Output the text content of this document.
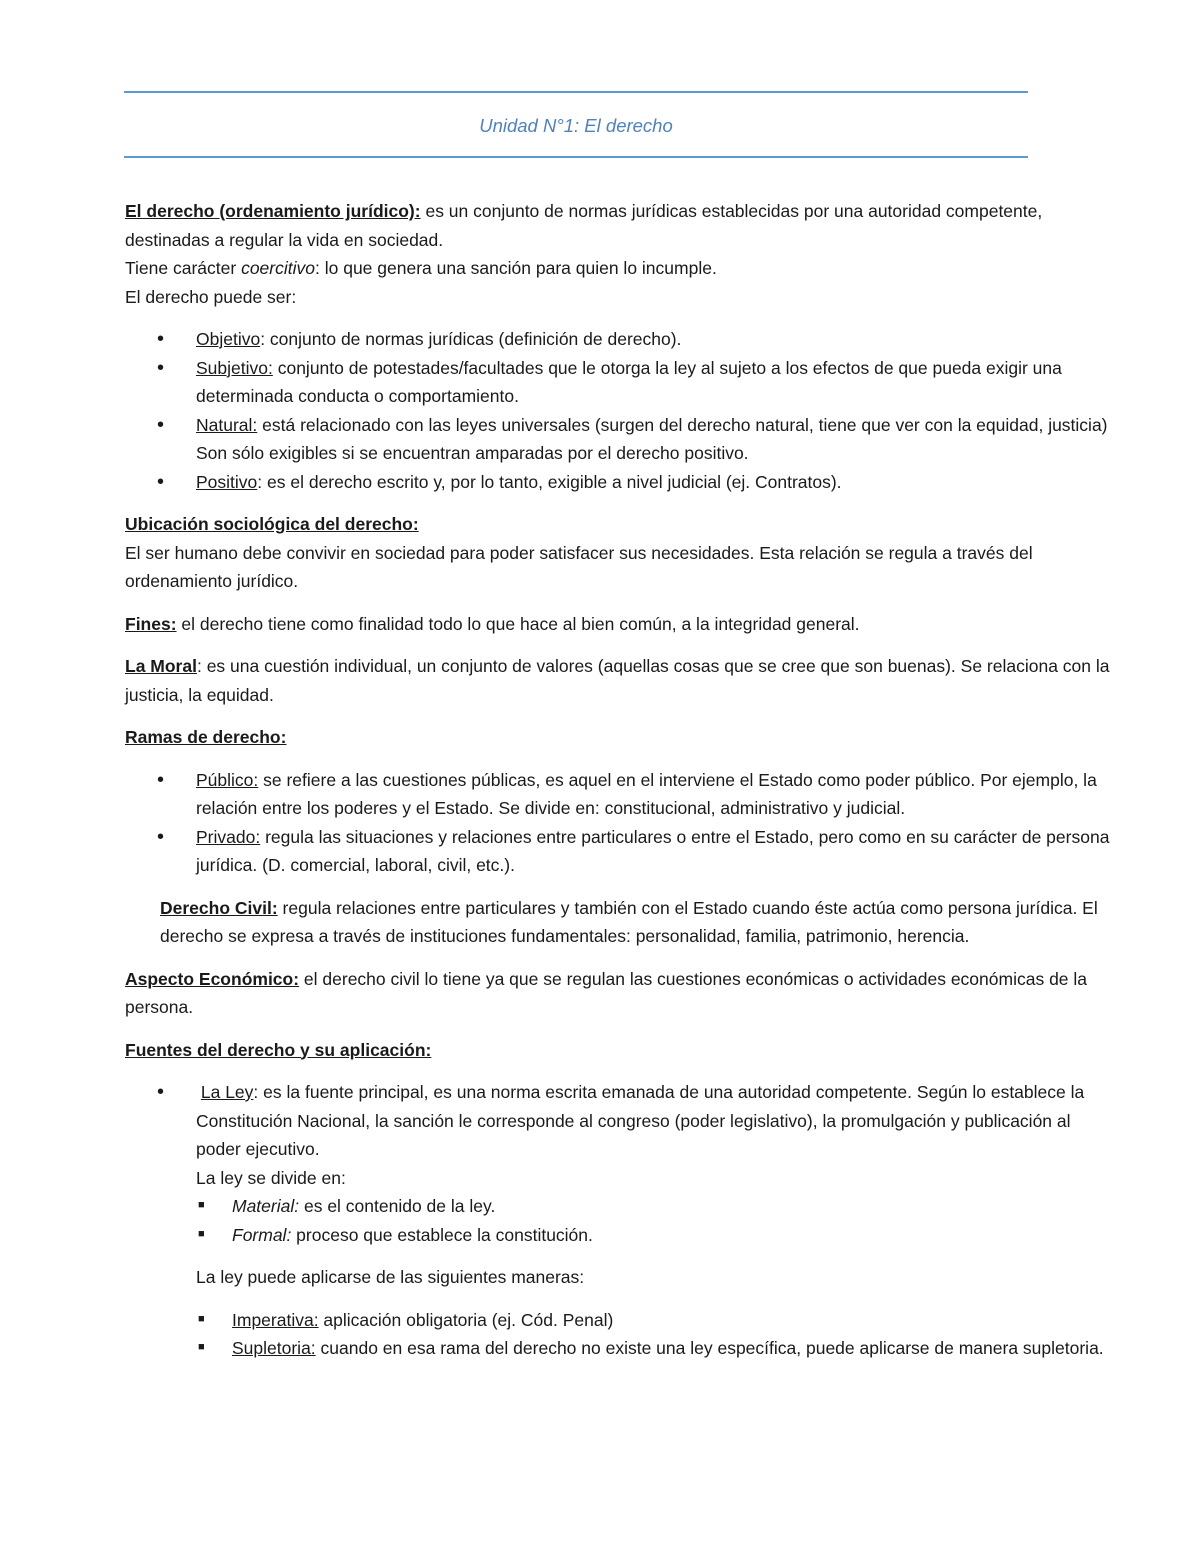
Unidad N°1: El derecho

El derecho (ordenamiento jurídico): es un conjunto de normas jurídicas establecidas por una autoridad competente, destinadas a regular la vida en sociedad.

Tiene carácter coercitivo: lo que genera una sanción para quien lo incumple.

El derecho puede ser:

• Objetivo: conjunto de normas jurídicas (definición de derecho).
• Subjetivo: conjunto de potestades/facultades que le otorga la ley al sujeto a los efectos de que pueda exigir una determinada conducta o comportamiento.
• Natural: está relacionado con las leyes universales (surgen del derecho natural, tiene que ver con la equidad, justicia) Son sólo exigibles si se encuentran amparadas por el derecho positivo.
• Positivo: es el derecho escrito y, por lo tanto, exigible a nivel judicial (ej. Contratos).

Ubicación sociológica del derecho:

El ser humano debe convivir en sociedad para poder satisfacer sus necesidades. Esta relación se regula a través del ordenamiento jurídico.

Fines: el derecho tiene como finalidad todo lo que hace al bien común, a la integridad general.

La Moral: es una cuestión individual, un conjunto de valores (aquellas cosas que se cree que son buenas). Se relaciona con la justicia, la equidad.

Ramas de derecho:

• Público: se refiere a las cuestiones públicas, es aquel en el interviene el Estado como poder público. Por ejemplo, la relación entre los poderes y el Estado. Se divide en: constitucional, administrativo y judicial.
• Privado: regula las situaciones y relaciones entre particulares o entre el Estado, pero como en su carácter de persona jurídica. (D. comercial, laboral, civil, etc.).

Derecho Civil: regula relaciones entre particulares y también con el Estado cuando éste actúa como persona jurídica. El derecho se expresa a través de instituciones fundamentales: personalidad, familia, patrimonio, herencia.

Aspecto Económico: el derecho civil lo tiene ya que se regulan las cuestiones económicas o actividades económicas de la persona.

Fuentes del derecho y su aplicación:

• La Ley: es la fuente principal, es una norma escrita emanada de una autoridad competente. Según lo establece la Constitución Nacional, la sanción le corresponde al congreso (poder legislativo), la promulgación y publicación al poder ejecutivo.

La ley se divide en:

■ Material: es el contenido de la ley.
■ Formal: proceso que establece la constitución.

La ley puede aplicarse de las siguientes maneras:

■ Imperativa: aplicación obligatoria (ej. Cód. Penal)
■ Supletoria: cuando en esa rama del derecho no existe una ley específica, puede aplicarse de manera supletoria.
